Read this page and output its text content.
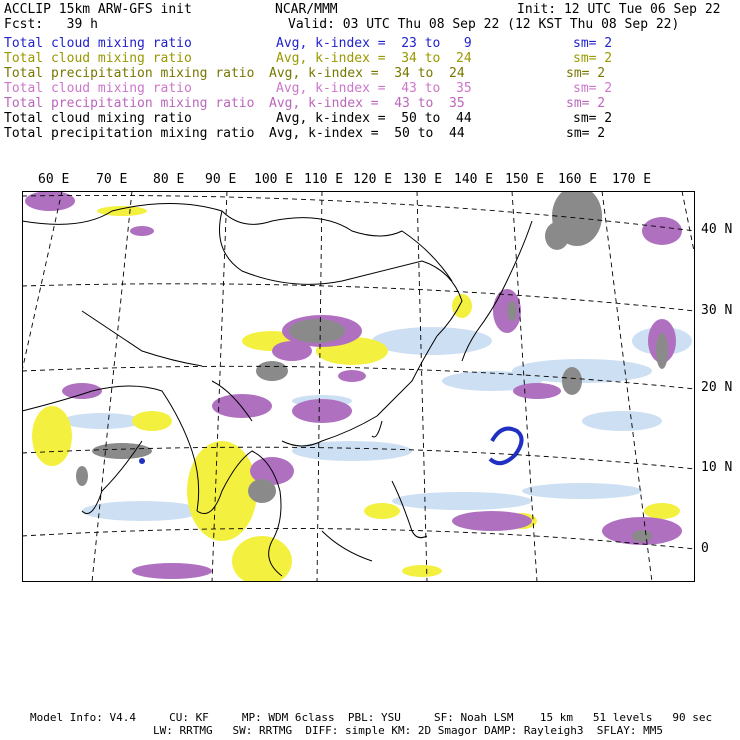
ACCLIP 15km ARW-GFS init	NCAR/MMM	Init: 12 UTC Tue 06 Sep 22
Fcst:   39 h	Valid: 03 UTC Thu 08 Sep 22 (12 KST Thu 08 Sep 22)
Total cloud mixing ratio	Avg, k-index =  23 to   9	sm= 2
Total cloud mixing ratio	Avg, k-index =  34 to  24	sm= 2
Total precipitation mixing ratio Avg, k-index =  34 to  24	sm= 2
Total cloud mixing ratio	Avg, k-index =  43 to  35	sm= 2
Total precipitation mixing ratio Avg, k-index =  43 to  35	sm= 2
Total cloud mixing ratio	Avg, k-index =  50 to  44	sm= 2
Total precipitation mixing ratio Avg, k-index =  50 to  44	sm= 2
60 E 70 E 80 E 90 E 100 E 110 E 120 E 130 E 140 E 150 E 160 E 170 E
40 N
30 N
20 N
10 N
0
Model Info: V4.4     CU: KF     MP: WDM 6class  PBL: YSU     SF: Noah LSM    15 km   51 levels   90 sec
LW: RRTMG   SW: RRTMG  DIFF: simple KM: 2D Smagor DAMP: Rayleigh3  SFLAY: MM5
